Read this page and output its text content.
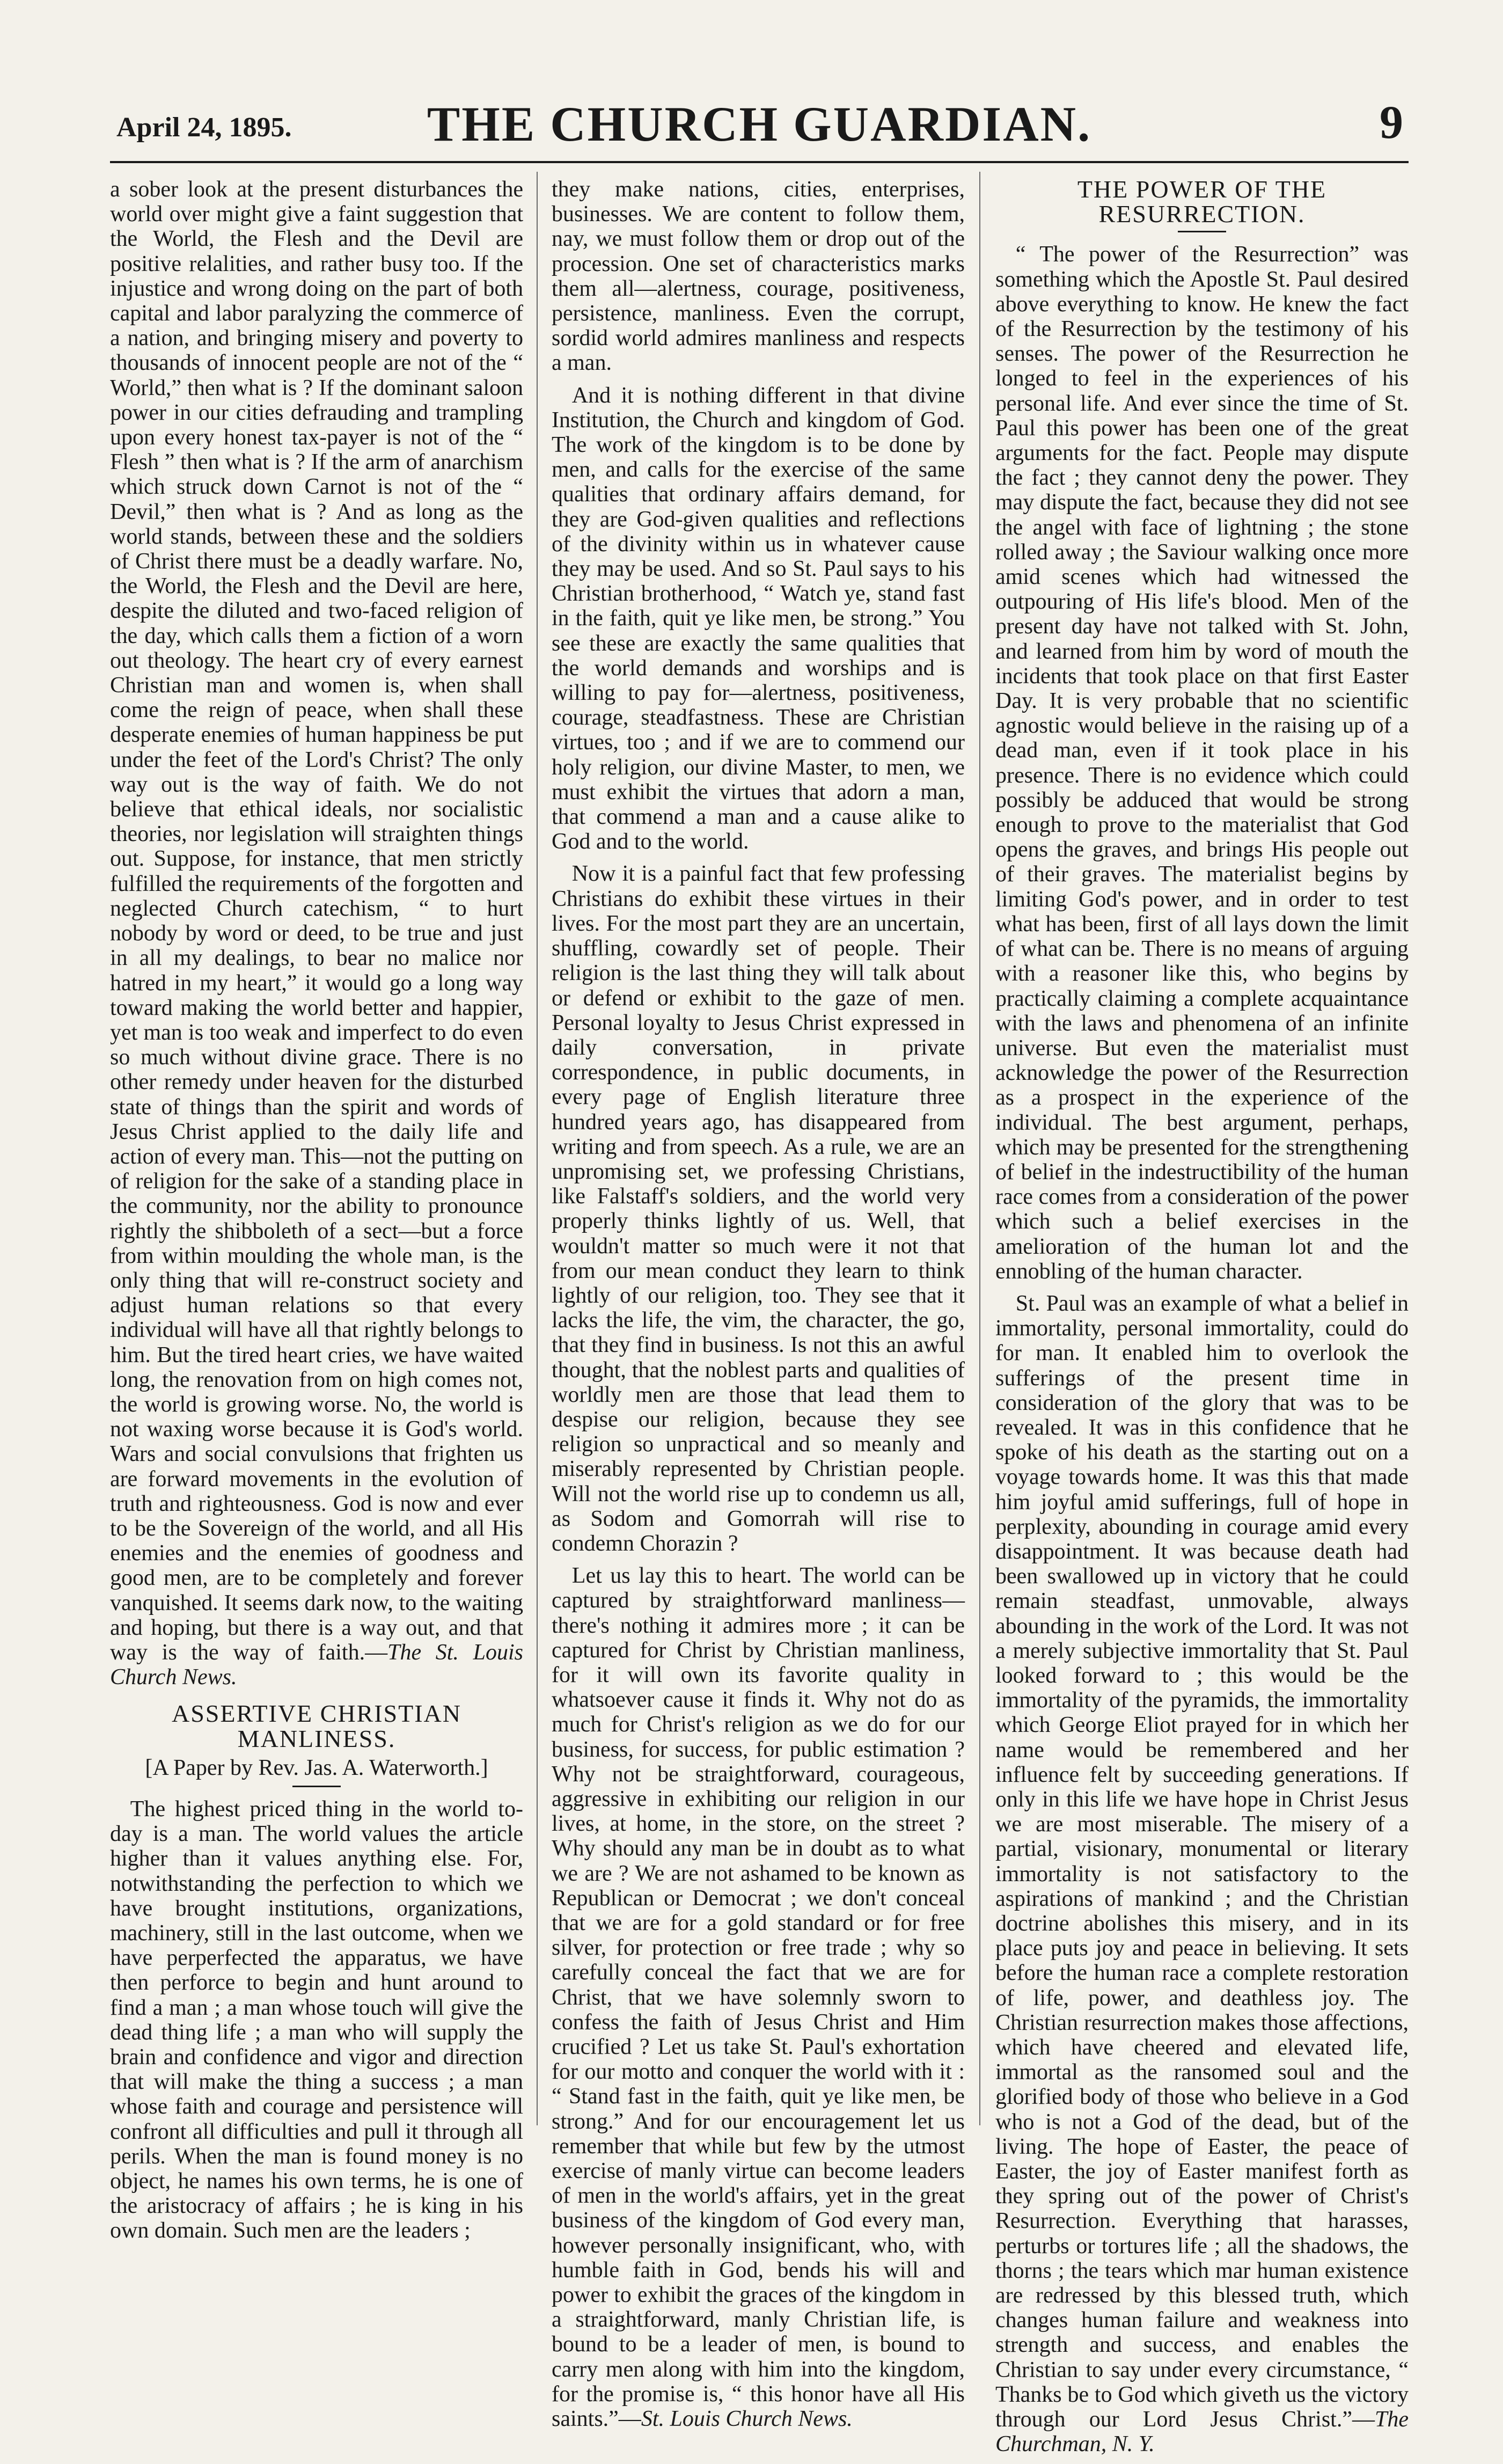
April 24, 1895.	THE CHURCH GUARDIAN.	9

a sober look at the present disturbances the world over might give a faint suggestion that the World, the Flesh and the Devil are positive relalities, and rather busy too. If the injustice and wrong doing on the part of both capital and labor paralyzing the commerce of a nation, and bringing misery and poverty to thousands of innocent people are not of the “ World,” then what is ? If the dominant saloon power in our cities defrauding and trampling upon every honest tax-payer is not of the “ Flesh ” then what is ? If the arm of anarchism which struck down Carnot is not of the “ Devil,” then what is ? And as long as the world stands, between these and the soldiers of Christ there must be a deadly warfare. No, the World, the Flesh and the Devil are here, despite the diluted and two-faced religion of the day, which calls them a fiction of a worn out theology. The heart cry of every earnest Christian man and women is, when shall come the reign of peace, when shall these desperate enemies of human happiness be put under the feet of the Lord's Christ? The only way out is the way of faith. We do not believe that ethical ideals, nor socialistic theories, nor legislation will straighten things out. Suppose, for instance, that men strictly fulfilled the requirements of the forgotten and neglected Church catechism, “ to hurt nobody by word or deed, to be true and just in all my dealings, to bear no malice nor hatred in my heart,” it would go a long way toward making the world better and happier, yet man is too weak and imperfect to do even so much without divine grace. There is no other remedy under heaven for the disturbed state of things than the spirit and words of Jesus Christ applied to the daily life and action of every man. This—not the putting on of religion for the sake of a standing place in the community, nor the ability to pronounce rightly the shibboleth of a sect—but a force from within moulding the whole man, is the only thing that will re-construct society and adjust human relations so that every individual will have all that rightly belongs to him. But the tired heart cries, we have waited long, the renovation from on high comes not, the world is growing worse. No, the world is not waxing worse because it is God's world. Wars and social convulsions that frighten us are forward movements in the evolution of truth and righteousness. God is now and ever to be the Sovereign of the world, and all His enemies and the enemies of goodness and good men, are to be completely and forever vanquished. It seems dark now, to the waiting and hoping, but there is a way out, and that way is the way of faith.—The St. Louis Church News.

ASSERTIVE CHRISTIAN MANLINESS.
[A Paper by Rev. Jas. A. Waterworth.]

The highest priced thing in the world to-day is a man. The world values the article higher than it values anything else. For, notwithstanding the perfection to which we have brought institutions, organizations, machinery, still in the last outcome, when we have perperfected the apparatus, we have then perforce to begin and hunt around to find a man ; a man whose touch will give the dead thing life ; a man who will supply the brain and confidence and vigor and direction that will make the thing a success ; a man whose faith and courage and persistence will confront all difficulties and pull it through all perils. When the man is found money is no object, he names his own terms, he is one of the aristocracy of affairs ; he is king in his own domain. Such men are the leaders ;

they make nations, cities, enterprises, businesses. We are content to follow them, nay, we must follow them or drop out of the procession. One set of characteristics marks them all—alertness, courage, positiveness, persistence, manliness. Even the corrupt, sordid world admires manliness and respects a man.

And it is nothing different in that divine Institution, the Church and kingdom of God. The work of the kingdom is to be done by men, and calls for the exercise of the same qualities that ordinary affairs demand, for they are God-given qualities and reflections of the divinity within us in whatever cause they may be used. And so St. Paul says to his Christian brotherhood, “ Watch ye, stand fast in the faith, quit ye like men, be strong.” You see these are exactly the same qualities that the world demands and worships and is willing to pay for—alertness, positiveness, courage, steadfastness. These are Christian virtues, too ; and if we are to commend our holy religion, our divine Master, to men, we must exhibit the virtues that adorn a man, that commend a man and a cause alike to God and to the world.

Now it is a painful fact that few professing Christians do exhibit these virtues in their lives. For the most part they are an uncertain, shuffling, cowardly set of people. Their religion is the last thing they will talk about or defend or exhibit to the gaze of men. Personal loyalty to Jesus Christ expressed in daily conversation, in private correspondence, in public documents, in every page of English literature three hundred years ago, has disappeared from writing and from speech. As a rule, we are an unpromising set, we professing Christians, like Falstaff's soldiers, and the world very properly thinks lightly of us. Well, that wouldn't matter so much were it not that from our mean conduct they learn to think lightly of our religion, too. They see that it lacks the life, the vim, the character, the go, that they find in business. Is not this an awful thought, that the noblest parts and qualities of worldly men are those that lead them to despise our religion, because they see religion so unpractical and so meanly and miserably represented by Christian people. Will not the world rise up to condemn us all, as Sodom and Gomorrah will rise to condemn Chorazin ?

Let us lay this to heart. The world can be captured by straightforward manliness—there's nothing it admires more ; it can be captured for Christ by Christian manliness, for it will own its favorite quality in whatsoever cause it finds it. Why not do as much for Christ's religion as we do for our business, for success, for public estimation ? Why not be straightforward, courageous, aggressive in exhibiting our religion in our lives, at home, in the store, on the street ? Why should any man be in doubt as to what we are ? We are not ashamed to be known as Republican or Democrat ; we don't conceal that we are for a gold standard or for free silver, for protection or free trade ; why so carefully conceal the fact that we are for Christ, that we have solemnly sworn to confess the faith of Jesus Christ and Him crucified ? Let us take St. Paul's exhortation for our motto and conquer the world with it : “ Stand fast in the faith, quit ye like men, be strong.” And for our encouragement let us remember that while but few by the utmost exercise of manly virtue can become leaders of men in the world's affairs, yet in the great business of the kingdom of God every man, however personally insignificant, who, with humble faith in God, bends his will and power to exhibit the graces of the kingdom in a straightforward, manly Christian life, is bound to be a leader of men, is bound to carry men along with him into the kingdom, for the promise is, “ this honor have all His saints.”—St. Louis Church News.

THE POWER OF THE RESURRECTION.

“ The power of the Resurrection” was something which the Apostle St. Paul desired above everything to know. He knew the fact of the Resurrection by the testimony of his senses. The power of the Resurrection he longed to feel in the experiences of his personal life. And ever since the time of St. Paul this power has been one of the great arguments for the fact. People may dispute the fact ; they cannot deny the power. They may dispute the fact, because they did not see the angel with face of lightning ; the stone rolled away ; the Saviour walking once more amid scenes which had witnessed the outpouring of His life's blood. Men of the present day have not talked with St. John, and learned from him by word of mouth the incidents that took place on that first Easter Day. It is very probable that no scientific agnostic would believe in the raising up of a dead man, even if it took place in his presence. There is no evidence which could possibly be adduced that would be strong enough to prove to the materialist that God opens the graves, and brings His people out of their graves. The materialist begins by limiting God's power, and in order to test what has been, first of all lays down the limit of what can be. There is no means of arguing with a reasoner like this, who begins by practically claiming a complete acquaintance with the laws and phenomena of an infinite universe. But even the materialist must acknowledge the power of the Resurrection as a prospect in the experience of the individual. The best argument, perhaps, which may be presented for the strengthening of belief in the indestructibility of the human race comes from a consideration of the power which such a belief exercises in the amelioration of the human lot and the ennobling of the human character.

St. Paul was an example of what a belief in immortality, personal immortality, could do for man. It enabled him to overlook the sufferings of the present time in consideration of the glory that was to be revealed. It was in this confidence that he spoke of his death as the starting out on a voyage towards home. It was this that made him joyful amid sufferings, full of hope in perplexity, abounding in courage amid every disappointment. It was because death had been swallowed up in victory that he could remain steadfast, unmovable, always abounding in the work of the Lord. It was not a merely subjective immortality that St. Paul looked forward to ; this would be the immortality of the pyramids, the immortality which George Eliot prayed for in which her name would be remembered and her influence felt by succeeding generations. If only in this life we have hope in Christ Jesus we are most miserable. The misery of a partial, visionary, monumental or literary immortality is not satisfactory to the aspirations of mankind ; and the Christian doctrine abolishes this misery, and in its place puts joy and peace in believing. It sets before the human race a complete restoration of life, power, and deathless joy. The Christian resurrection makes those affections, which have cheered and elevated life, immortal as the ransomed soul and the glorified body of those who believe in a God who is not a God of the dead, but of the living. The hope of Easter, the peace of Easter, the joy of Easter manifest forth as they spring out of the power of Christ's Resurrection. Everything that harasses, perturbs or tortures life ; all the shadows, the thorns ; the tears which mar human existence are redressed by this blessed truth, which changes human failure and weakness into strength and success, and enables the Christian to say under every circumstance, “ Thanks be to God which giveth us the victory through our Lord Jesus Christ.”—The Churchman, N. Y.
